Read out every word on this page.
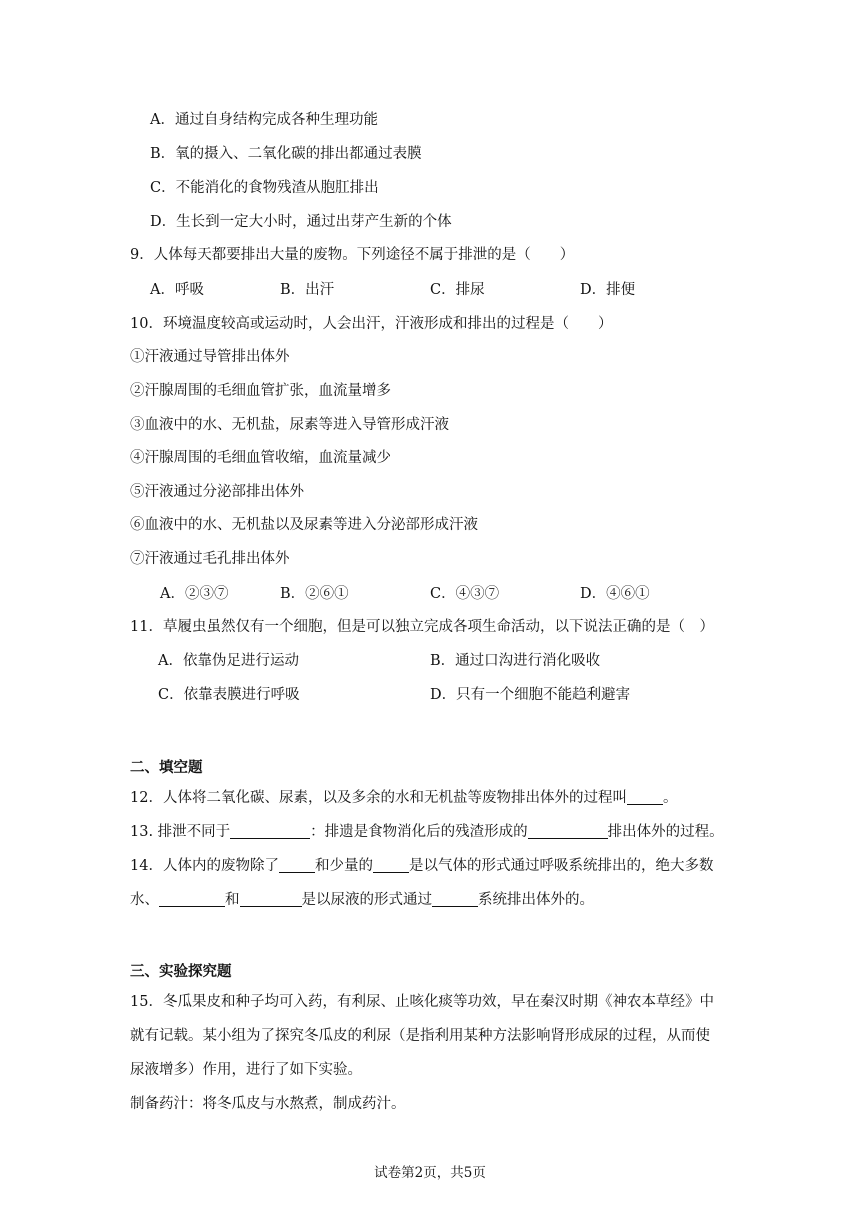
A．通过自身结构完成各种生理功能
B．氧的摄入、二氧化碳的排出都通过表膜
C．不能消化的食物残渣从胞肛排出
D．生长到一定大小时，通过出芽产生新的个体
9．人体每天都要排出大量的废物。下列途径不属于排泄的是（　　）
A．呼吸	B．出汗	C．排尿	D．排便
10．环境温度较高或运动时，人会出汗，汗液形成和排出的过程是（　　）
①汗液通过导管排出体外
②汗腺周围的毛细血管扩张，血流量增多
③血液中的水、无机盐，尿素等进入导管形成汗液
④汗腺周围的毛细血管收缩，血流量减少
⑤汗液通过分泌部排出体外
⑥血液中的水、无机盐以及尿素等进入分泌部形成汗液
⑦汗液通过毛孔排出体外
A．②③⑦	B．②⑥①	C．④③⑦	D．④⑥①
11．草履虫虽然仅有一个细胞，但是可以独立完成各项生命活动，以下说法正确的是（　）
A．依靠伪足进行运动	B．通过口沟进行消化吸收
C．依靠表膜进行呼吸	D．只有一个细胞不能趋利避害
二、填空题
12．人体将二氧化碳、尿素，以及多余的水和无机盐等废物排出体外的过程叫 。
13. 排泄不同于	：排遗是食物消化后的残渣形成的	排出体外的过程。
14．人体内的废物除了 和少量的 是以气体的形式通过呼吸系统排出的，绝大多数
水、	和	是以尿液的形式通过	系统排出体外的。
三、实验探究题
15．冬瓜果皮和种子均可入药，有利尿、止咳化痰等功效，早在秦汉时期《神农本草经》中
就有记载。某小组为了探究冬瓜皮的利尿（是指利用某种方法影响肾形成尿的过程，从而使
尿液增多）作用，进行了如下实验。
制备药汁：将冬瓜皮与水熬煮，制成药汁。
试卷第2页，共5页
